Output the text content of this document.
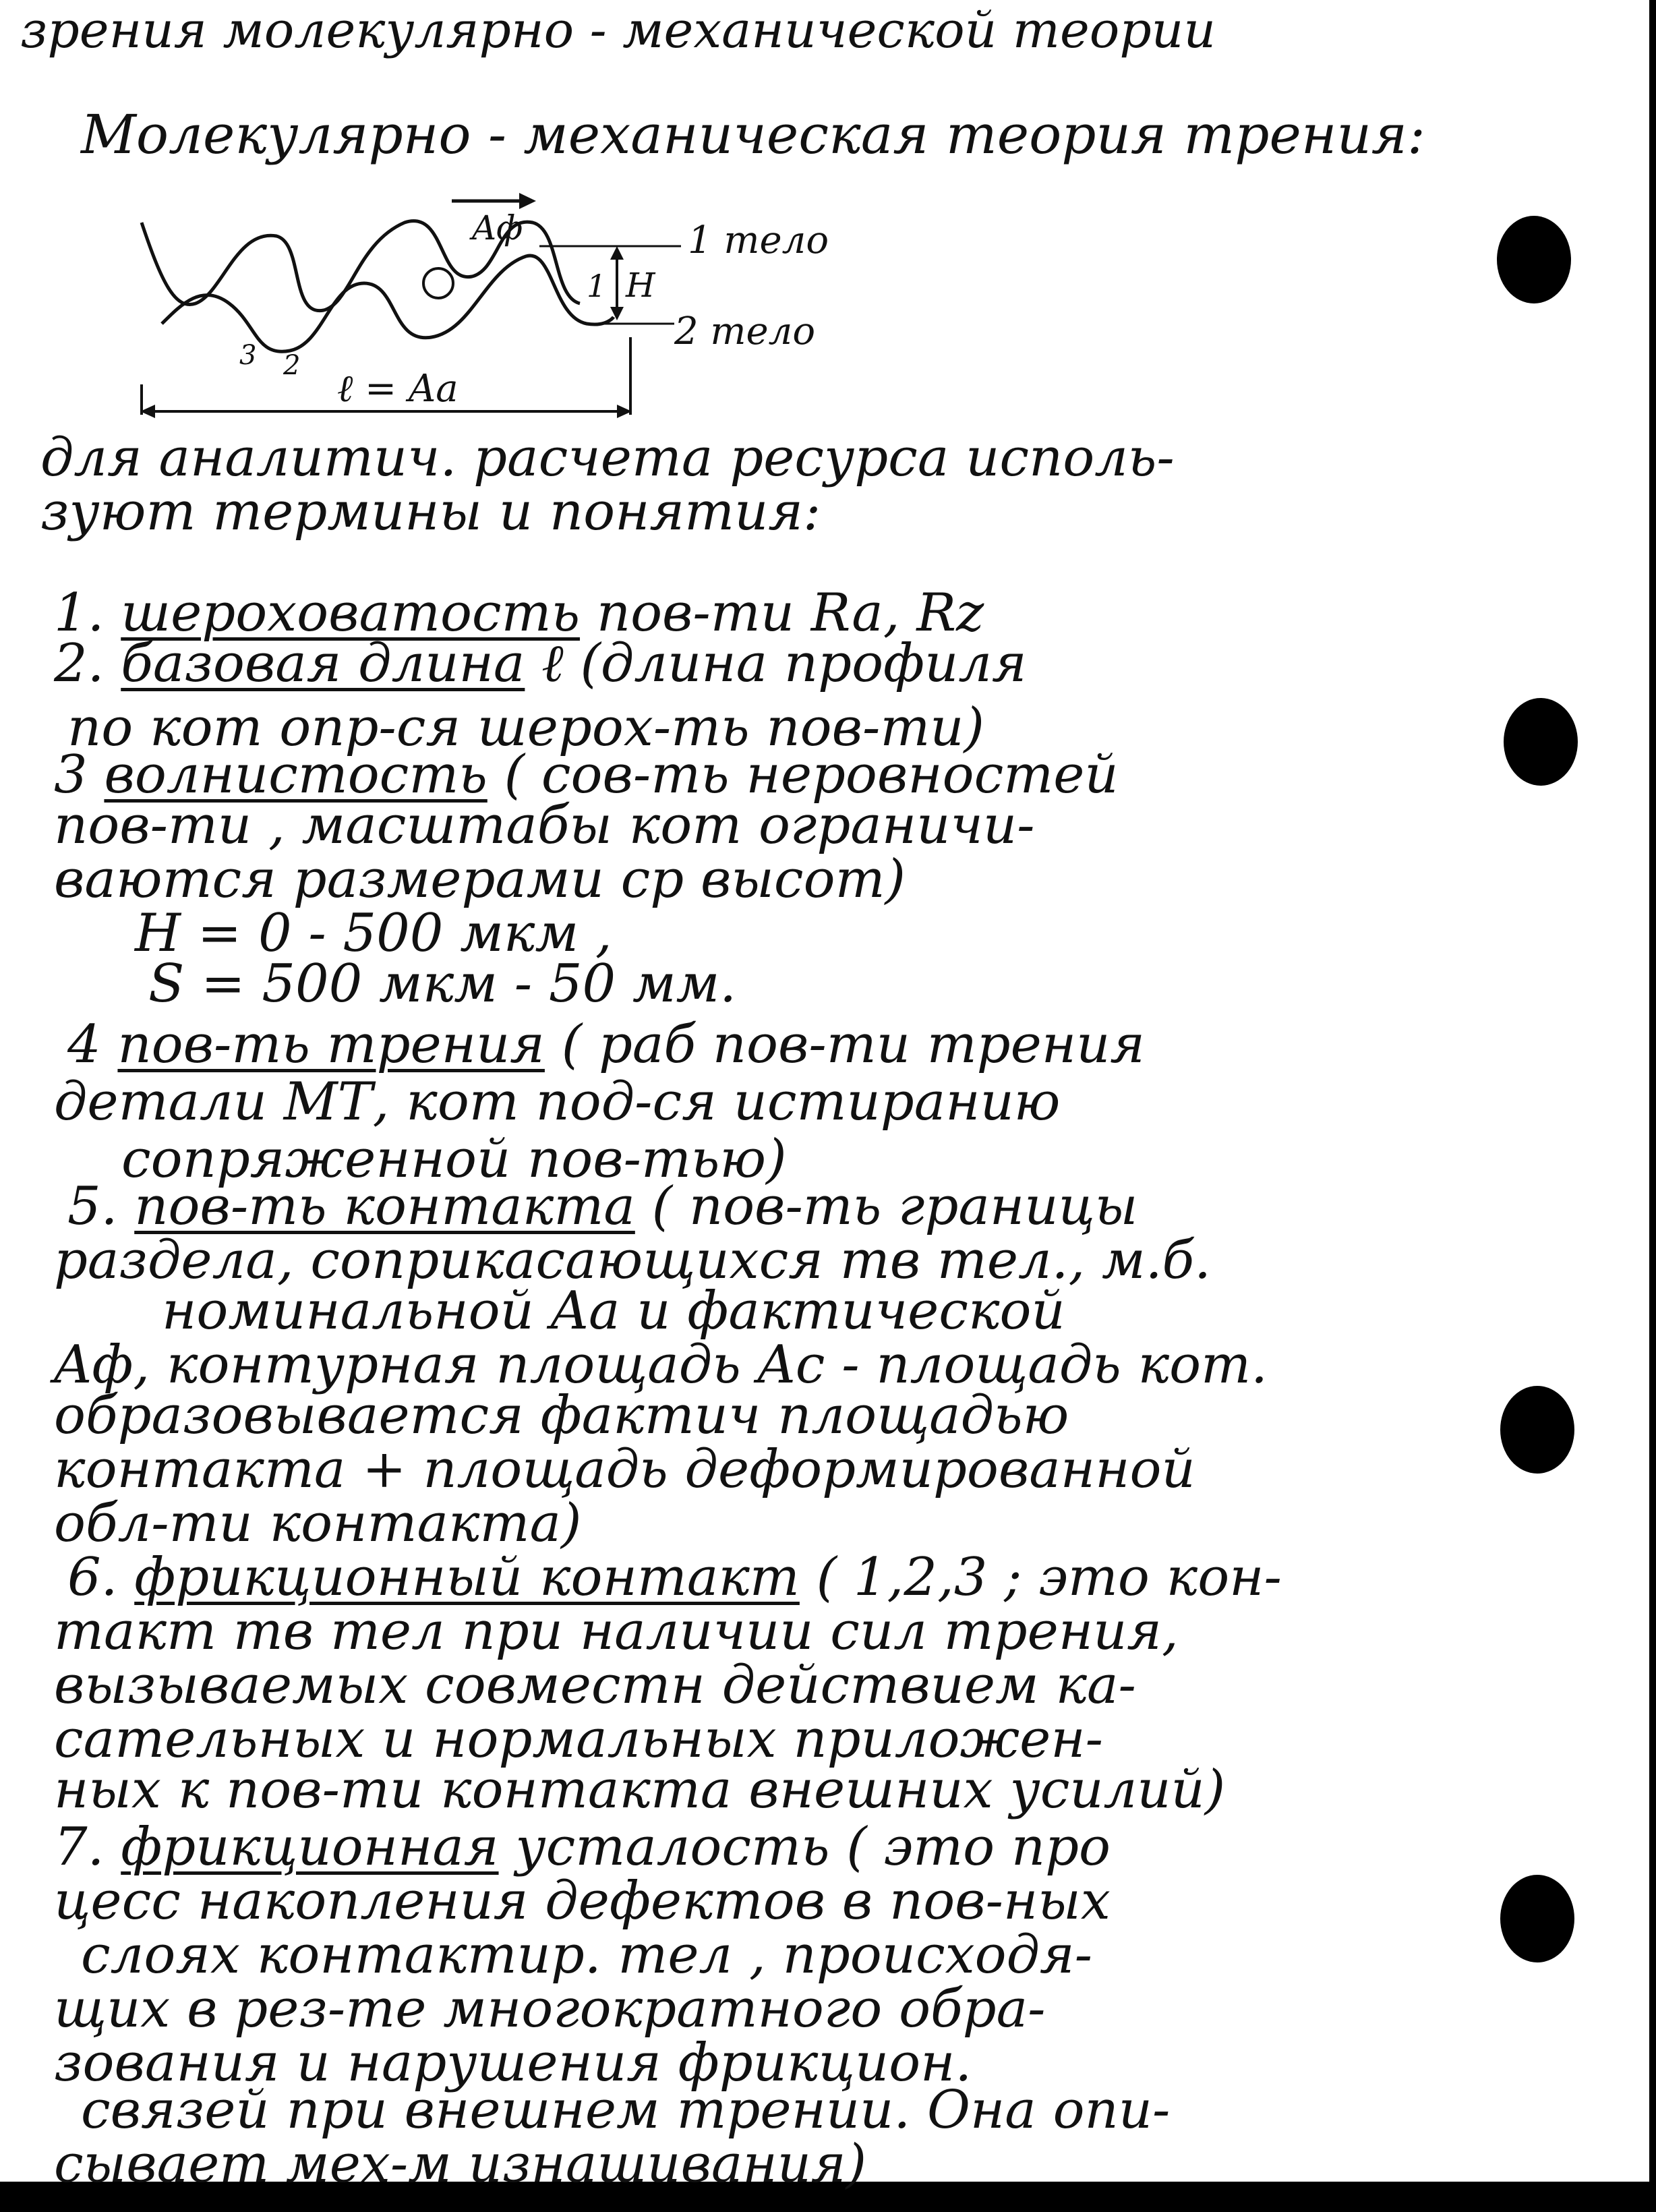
зрения молекулярно - механической теории
Молекулярно - механическая теория трения:
Aф	1 тело
H
1
2 тело
3 2
ℓ = Aa
для аналитич. расчета ресурса исполь-
зуют термины и понятия:
1. шероховатость пов-ти Ra, Rz
2. базовая длина ℓ (длина профиля
по кот опр-ся шерох-ть пов-ти)
3 волнистость ( сов-ть неровностей
пов-ти , масштабы кот ограничи-
ваются размерами ср высот)
H = 0 - 500 мкм ,
S = 500 мкм - 50 мм.
4 пов-ть трения ( раб пов-ти трения
детали МТ, кот под-ся истиранию
сопряженной пов-тью)
5. пов-ть контакта ( пов-ть границы
раздела, соприкасающихся тв тел., м.б.
номинальной Aa и фактической
Aф, контурная площадь Ac - площадь кот.
образовывается фактич площадью
контакта + площадь деформированной
обл-ти контакта)
6. фрикционный контакт ( 1,2,3 ; это кон-
такт тв тел при наличии сил трения,
вызываемых совместн действием ка-
сательных и нормальных приложен-
ных к пов-ти контакта внешних усилий)
7. фрикционная усталость ( это про
цесс накопления дефектов в пов-ных
слоях контактир. тел , происходя-
щих в рез-те многократного обра-
зования и нарушения фрикцион.
связей при внешнем трении. Она опи-
сывает мех-м изнашивания)
